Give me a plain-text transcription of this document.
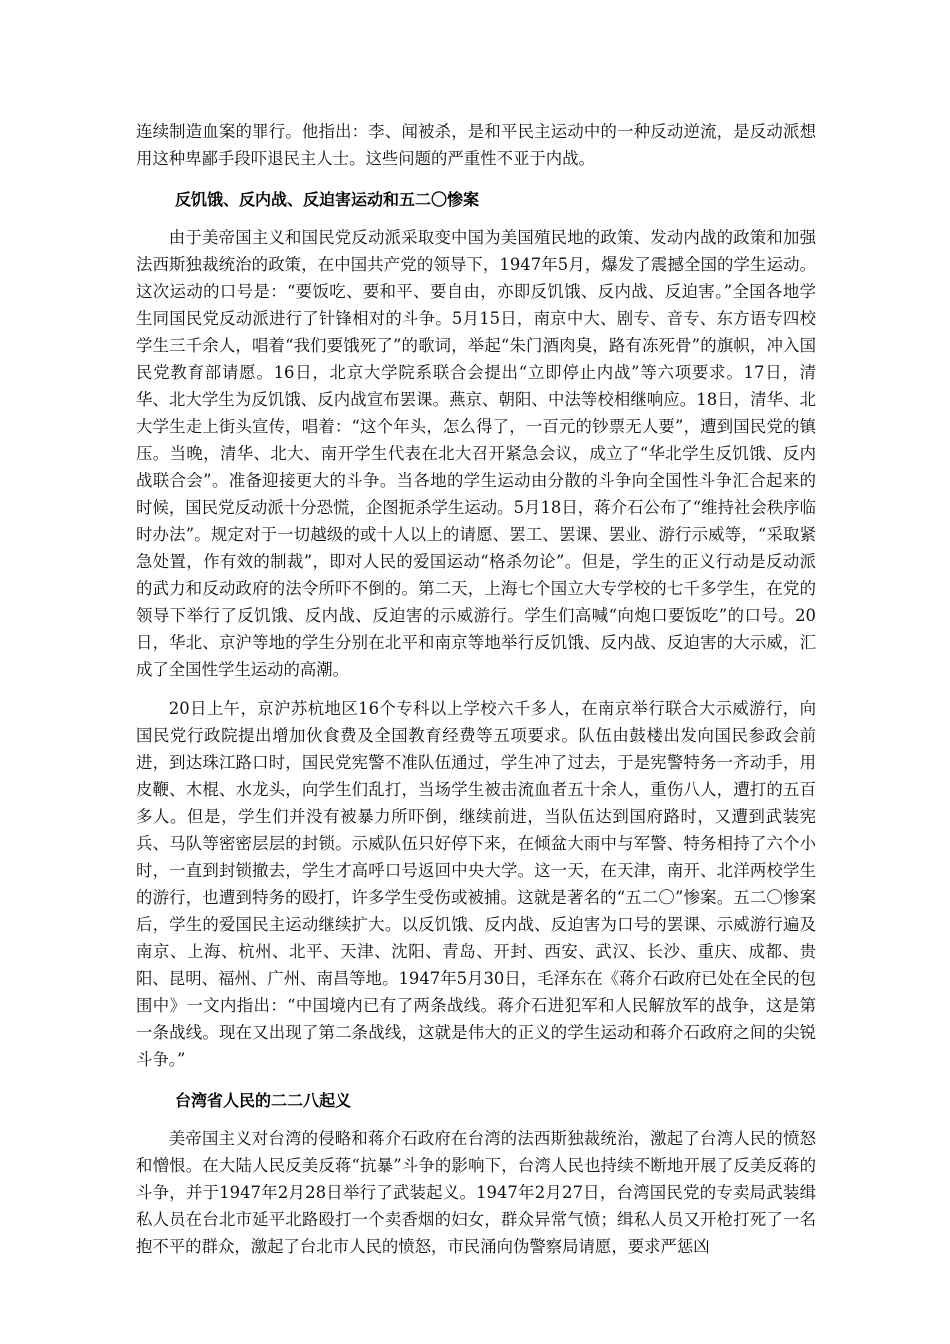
连续制造血案的罪行。他指出：李、闻被杀，是和平民主运动中的一种反动逆流，是反动派想用这种卑鄙手段吓退民主人士。这些问题的严重性不亚于内战。

反饥饿、反内战、反迫害运动和五二〇惨案

由于美帝国主义和国民党反动派采取变中国为美国殖民地的政策、发动内战的政策和加强法西斯独裁统治的政策，在中国共产党的领导下，1947年5月，爆发了震撼全国的学生运动。这次运动的口号是：“要饭吃、要和平、要自由，亦即反饥饿、反内战、反迫害。”全国各地学生同国民党反动派进行了针锋相对的斗争。5月15日，南京中大、剧专、音专、东方语专四校学生三千余人，唱着“我们要饿死了”的歌词，举起“朱门酒肉臭，路有冻死骨”的旗帜，冲入国民党教育部请愿。16日，北京大学院系联合会提出“立即停止内战”等六项要求。17日，清华、北大学生为反饥饿、反内战宣布罢课。燕京、朝阳、中法等校相继响应。18日，清华、北大学生走上街头宣传，唱着：“这个年头，怎么得了，一百元的钞票无人要”，遭到国民党的镇压。当晚，清华、北大、南开学生代表在北大召开紧急会议，成立了“华北学生反饥饿、反内战联合会”。准备迎接更大的斗争。当各地的学生运动由分散的斗争向全国性斗争汇合起来的时候，国民党反动派十分恐慌，企图扼杀学生运动。5月18日，蒋介石公布了“维持社会秩序临时办法”。规定对于一切越级的或十人以上的请愿、罢工、罢课、罢业、游行示威等，“采取紧急处置，作有效的制裁”，即对人民的爱国运动“格杀勿论”。但是，学生的正义行动是反动派的武力和反动政府的法令所吓不倒的。第二天，上海七个国立大专学校的七千多学生，在党的领导下举行了反饥饿、反内战、反迫害的示威游行。学生们高喊“向炮口要饭吃”的口号。20日，华北、京沪等地的学生分别在北平和南京等地举行反饥饿、反内战、反迫害的大示威，汇成了全国性学生运动的高潮。

20日上午，京沪苏杭地区16个专科以上学校六千多人，在南京举行联合大示威游行，向国民党行政院提出增加伙食费及全国教育经费等五项要求。队伍由鼓楼出发向国民参政会前进，到达珠江路口时，国民党宪警不准队伍通过，学生冲了过去，于是宪警特务一齐动手，用皮鞭、木棍、水龙头，向学生们乱打，当场学生被击流血者五十余人，重伤八人，遭打的五百多人。但是，学生们并没有被暴力所吓倒，继续前进，当队伍达到国府路时，又遭到武装宪兵、马队等密密层层的封锁。示威队伍只好停下来，在倾盆大雨中与军警、特务相持了六个小时，一直到封锁撤去，学生才高呼口号返回中央大学。这一天，在天津，南开、北洋两校学生的游行，也遭到特务的殴打，许多学生受伤或被捕。这就是著名的“五二〇”惨案。五二〇惨案后，学生的爱国民主运动继续扩大。以反饥饿、反内战、反迫害为口号的罢课、示威游行遍及南京、上海、杭州、北平、天津、沈阳、青岛、开封、西安、武汉、长沙、重庆、成都、贵阳、昆明、福州、广州、南昌等地。1947年5月30日，毛泽东在《蒋介石政府已处在全民的包围中》一文内指出：“中国境内已有了两条战线。蒋介石进犯军和人民解放军的战争，这是第一条战线。现在又出现了第二条战线，这就是伟大的正义的学生运动和蒋介石政府之间的尖锐斗争。”

台湾省人民的二二八起义

美帝国主义对台湾的侵略和蒋介石政府在台湾的法西斯独裁统治，激起了台湾人民的愤怒和憎恨。在大陆人民反美反蒋“抗暴”斗争的影响下，台湾人民也持续不断地开展了反美反蒋的斗争，并于1947年2月28日举行了武装起义。1947年2月27日，台湾国民党的专卖局武装缉私人员在台北市延平北路殴打一个卖香烟的妇女，群众异常气愤；缉私人员又开枪打死了一名抱不平的群众，激起了台北市人民的愤怒，市民涌向伪警察局请愿，要求严惩凶
